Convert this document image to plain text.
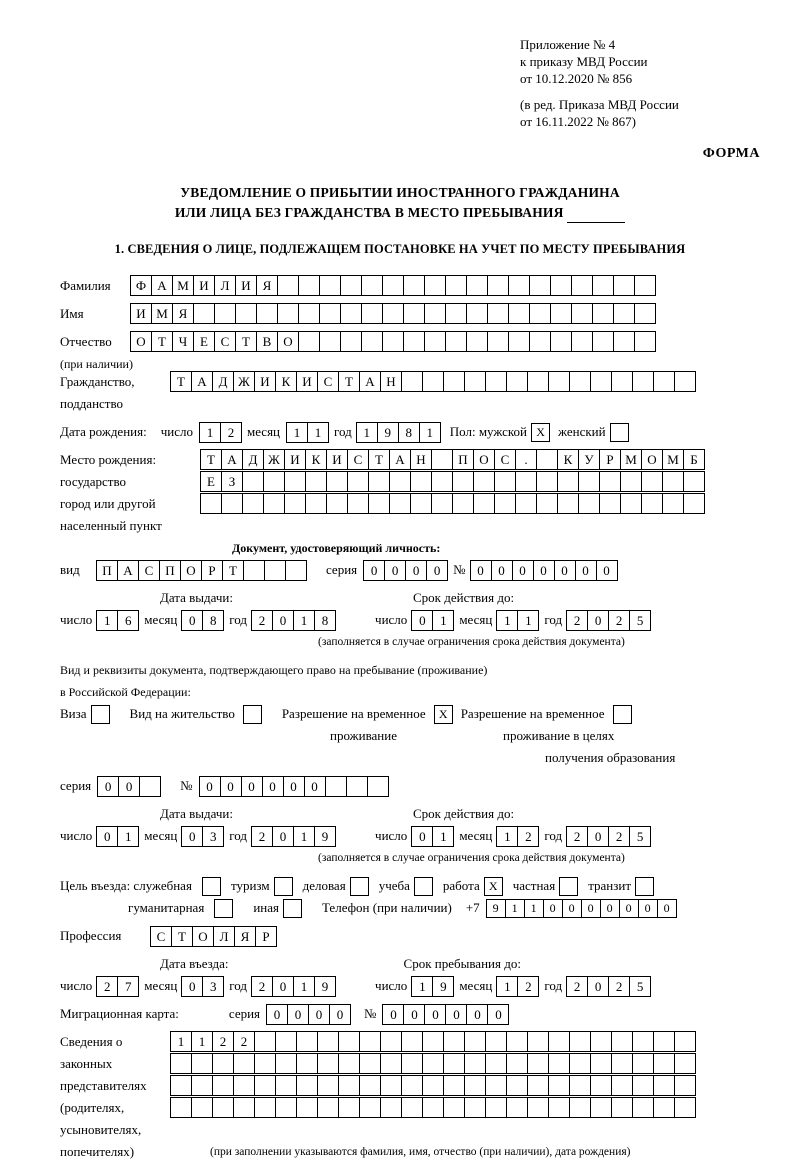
Приложение № 4
к приказу МВД России
от 10.12.2020 № 856
(в ред. Приказа МВД России
от 16.11.2022 № 867)
ФОРМА
УВЕДОМЛЕНИЕ О ПРИБЫТИИ ИНОСТРАННОГО ГРАЖДАНИНА
ИЛИ ЛИЦА БЕЗ ГРАЖДАНСТВА В МЕСТО ПРЕБЫВАНИЯ
1. СВЕДЕНИЯ О ЛИЦЕ, ПОДЛЕЖАЩЕМ ПОСТАНОВКЕ НА УЧЕТ ПО МЕСТУ ПРЕБЫВАНИЯ
Фамилия	Ф А М И Л И Я
Имя	И М Я
Отчество	О Т Ч Е С Т В О
(при наличии)
Гражданство,	Т А Д Ж И К И С Т А Н
подданство
Дата рождения: число	1	2 месяц	1	1 год 1	9	8	1	Пол: мужской Х	женский
Место рождения:	Т А Д Ж И К И С Т А Н	П О С	.	К У Р М О М Б
государство	Е	З
город или другой
населенный пункт
Документ, удостоверяющий личность:
вид	П А С П О Р	Т	серия	0	0	0	0 № 0	0	0	0	0	0	0
Дата выдачи:	Срок действия до:
число 1	6 месяц 0	8 год 2	0	1	8	число 0	1 месяц 1	1 год 2	0	2	5
(заполняется в случае ограничения срока действия документа)
Вид и реквизиты документа, подтверждающего право на пребывание (проживание)
в Российской Федерации:
Виза	Вид на жительство	Разрешение на временное	Х	Разрешение на временное
проживание	проживание в целях
получения образования
серия	0	0	№	0	0	0	0	0	0
Дата выдачи:	Срок действия до:
число 0	1 месяц 0	3 год 2	0	1	9	число 0	1 месяц 1	2 год 2	0	2	5
(заполняется в случае ограничения срока действия документа)
Цель въезда: служебная	туризм	деловая	учеба	работа Х	частная	транзит
гуманитарная	иная	Телефон (при наличии) +7	9	1	1	0	0	0	0	0	0	0
Профессия	С Т О Л Я	Р
Дата въезда:	Срок пребывания до:
число 2	7 месяц 0	3 год 2	0	1	9	число 1	9 месяц 1	2 год 2	0	2	5
Миграционная карта:	серия	0	0	0	0	№	0	0	0	0	0	0
Сведения о	1	1	2	2
законных
представителях
(родителях,
усыновителях,
попечителях)	(при заполнении указываются фамилия, имя, отчество (при наличии), дата рождения)
